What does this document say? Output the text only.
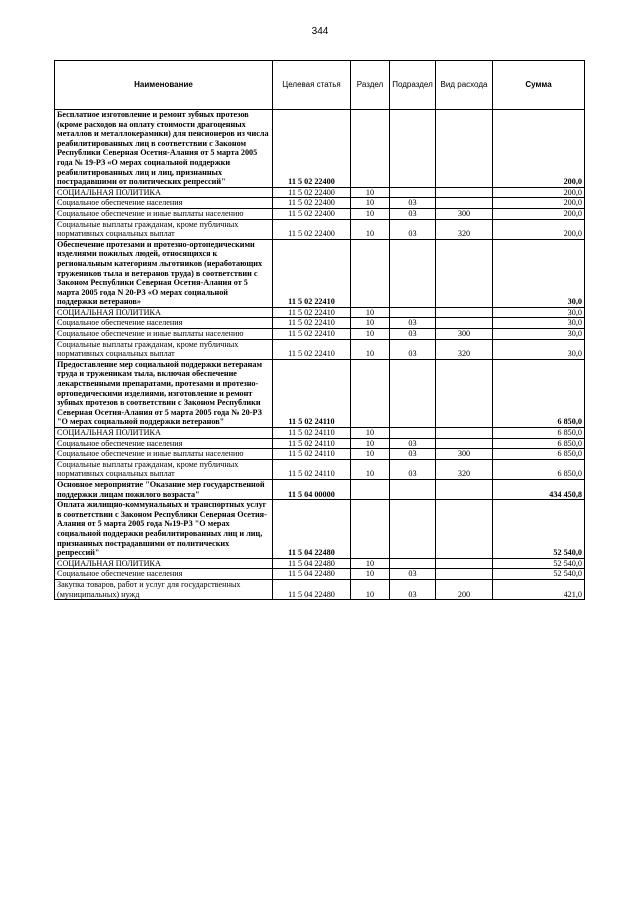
344
Наименование	Целевая статья	Раздел	Подраздел	Вид расхода	Сумма
Бесплатное изготовление и ремонт зубных протезов (кроме расходов на оплату стоимости драгоценных металлов и металлокерамики) для пенсионеров из числа реабилитированных лиц в соответствии с Законом Республики Северная Осетия-Алания от 5 марта 2005 года № 19-РЗ «О мерах социальной поддержки реабилитированных лиц и лиц, признанных пострадавшими от политических репрессий"	11 5 02 22400				200,0
СОЦИАЛЬНАЯ ПОЛИТИКА	11 5 02 22400	10			200,0
Социальное обеспечение населения	11 5 02 22400	10	03		200,0
Социальное обеспечение и иные выплаты населению	11 5 02 22400	10	03	300	200,0
Социальные выплаты гражданам, кроме публичных нормативных социальных выплат	11 5 02 22400	10	03	320	200,0
Обеспечение протезами и протезно-ортопедическими изделиями пожилых людей, относящихся к региональным категориям льготников (неработающих тружеников тыла и ветеранов труда) в соответствии с Законом Республики Северная Осетия-Алания от 5 марта 2005 года N 20-РЗ «О мерах социальной поддержки ветеранов»	11 5 02 22410				30,0
СОЦИАЛЬНАЯ ПОЛИТИКА	11 5 02 22410	10			30,0
Социальное обеспечение населения	11 5 02 22410	10	03		30,0
Социальное обеспечение и иные выплаты населению	11 5 02 22410	10	03	300	30,0
Социальные выплаты гражданам, кроме публичных нормативных социальных выплат	11 5 02 22410	10	03	320	30,0
Предоставление мер социальной поддержки ветеранам труда и труженикам тыла, включая обеспечение лекарственными препаратами, протезами и протезно-ортопедическими изделиями, изготовление и ремонт зубных протезов в соответствии с Законом Республики Северная Осетия-Алания от 5 марта 2005 года № 20-РЗ "О мерах социальной поддержки ветеранов"	11 5 02 24110				6 850,0
СОЦИАЛЬНАЯ ПОЛИТИКА	11 5 02 24110	10			6 850,0
Социальное обеспечение населения	11 5 02 24110	10	03		6 850,0
Социальное обеспечение и иные выплаты населению	11 5 02 24110	10	03	300	6 850,0
Социальные выплаты гражданам, кроме публичных нормативных социальных выплат	11 5 02 24110	10	03	320	6 850,0
Основное мероприятие "Оказание мер государственной поддержки лицам пожилого возраста"	11 5 04 00000				434 450,8
Оплата жилищно-коммунальных и транспортных услуг в соответствии с Законом Республики Северная Осетия-Алания от 5 марта 2005 года №19-РЗ "О мерах социальной поддержки реабилитированных лиц и лиц, признанных пострадавшими от политических репрессий"	11 5 04 22480				52 540,0
СОЦИАЛЬНАЯ ПОЛИТИКА	11 5 04 22480	10			52 540,0
Социальное обеспечение населения	11 5 04 22480	10	03		52 540,0
Закупка товаров, работ и услуг для государственных (муниципальных) нужд	11 5 04 22480	10	03	200	421,0
